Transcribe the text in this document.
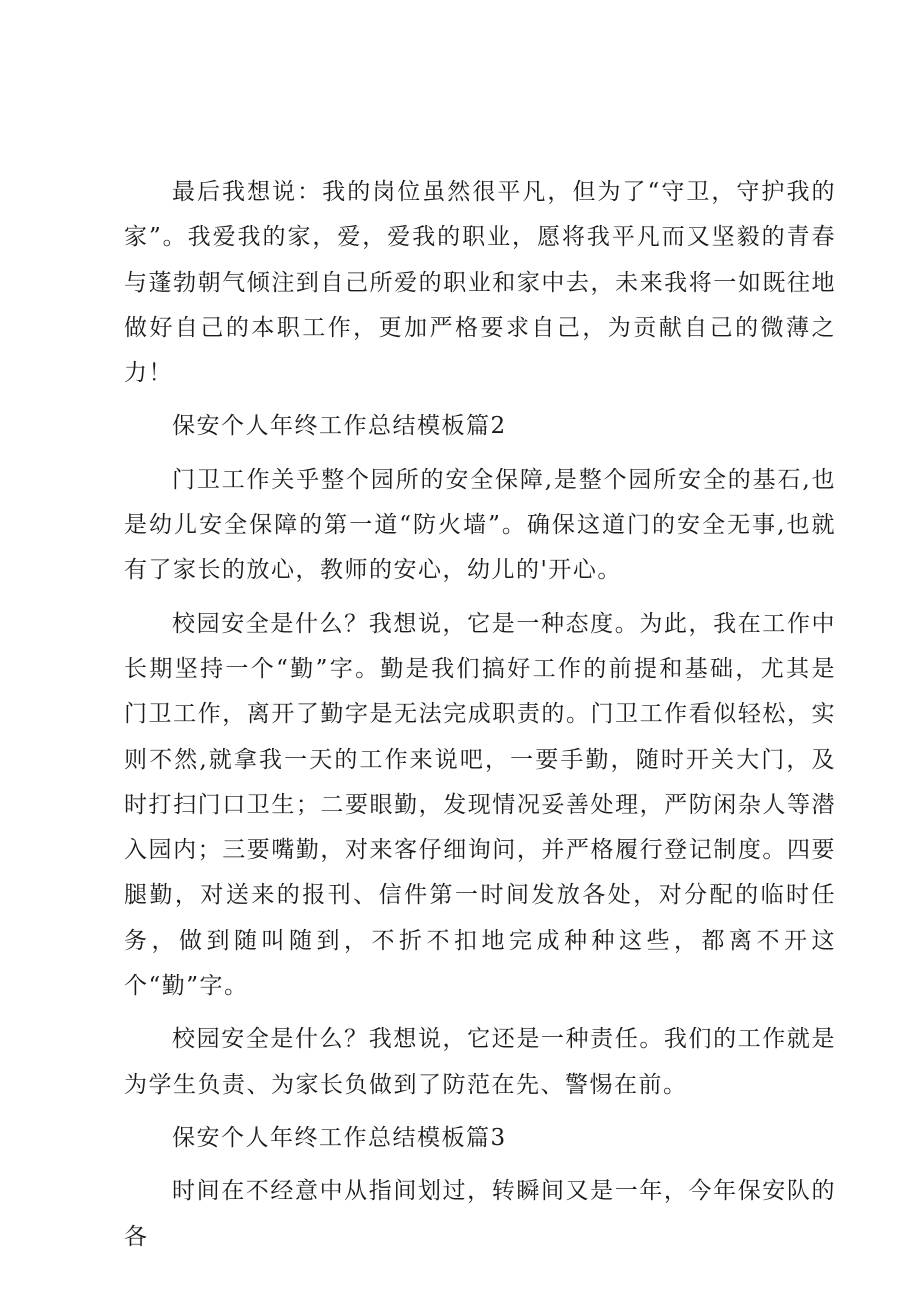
最后我想说：我的岗位虽然很平凡，但为了“守卫，守护我的家”。我爱我的家，爱，爱我的职业，愿将我平凡而又坚毅的青春与蓬勃朝气倾注到自己所爱的职业和家中去，未来我将一如既往地做好自己的本职工作，更加严格要求自己，为贡献自己的微薄之力！

保安个人年终工作总结模板篇2

门卫工作关乎整个园所的安全保障,是整个园所安全的基石,也是幼儿安全保障的第一道“防火墙”。确保这道门的安全无事,也就有了家长的放心，教师的安心，幼儿的'开心。

校园安全是什么？我想说，它是一种态度。为此，我在工作中长期坚持一个“勤”字。勤是我们搞好工作的前提和基础，尤其是门卫工作，离开了勤字是无法完成职责的。门卫工作看似轻松，实则不然,就拿我一天的工作来说吧，一要手勤，随时开关大门，及时打扫门口卫生；二要眼勤，发现情况妥善处理，严防闲杂人等潜入园内；三要嘴勤，对来客仔细询问，并严格履行登记制度。四要腿勤，对送来的报刊、信件第一时间发放各处，对分配的临时任务，做到随叫随到，不折不扣地完成种种这些，都离不开这个“勤”字。

校园安全是什么？我想说，它还是一种责任。我们的工作就是为学生负责、为家长负做到了防范在先、警惕在前。

保安个人年终工作总结模板篇3

时间在不经意中从指间划过，转瞬间又是一年，今年保安队的各
